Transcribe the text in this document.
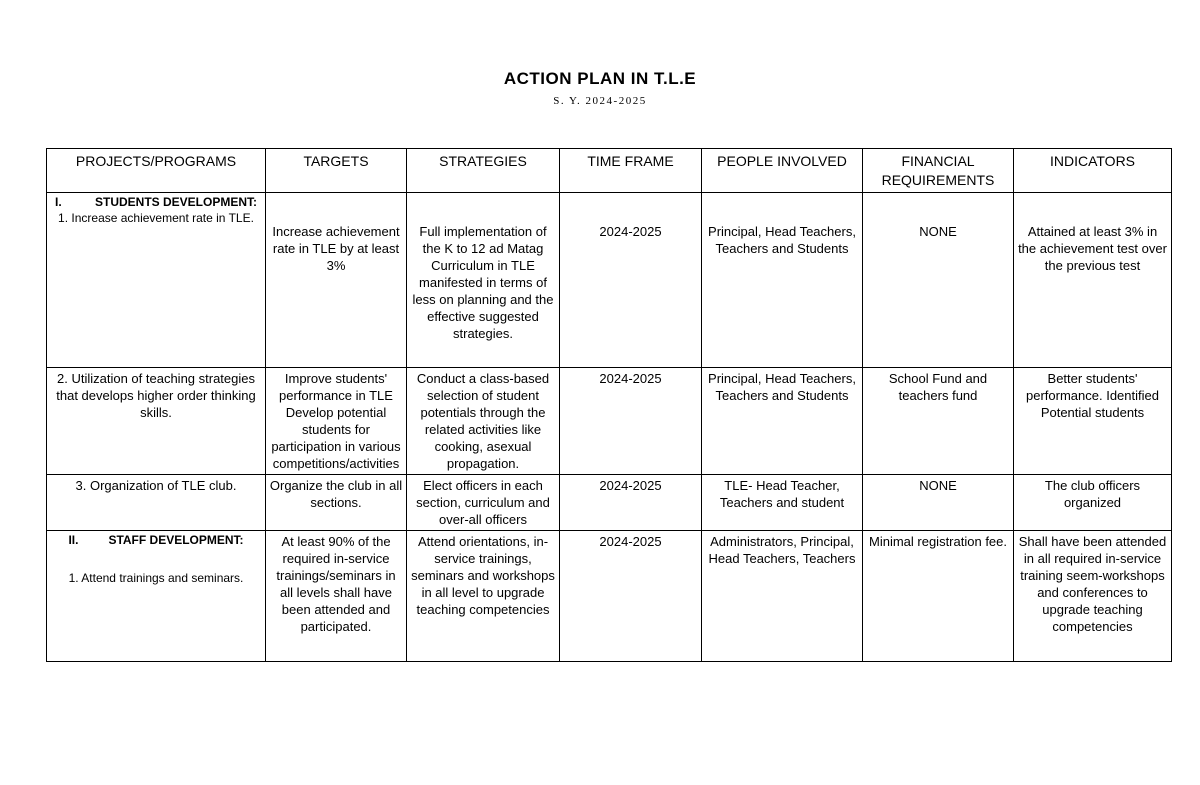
ACTION PLAN IN T.L.E
S. Y. 2024-2025
PROJECTS/PROGRAMS	TARGETS	STRATEGIES	TIME FRAME	PEOPLE INVOLVED	FINANCIAL REQUIREMENTS	INDICATORS

I. STUDENTS DEVELOPMENT:
1. Increase achievement rate in TLE.	Increase achievement rate in TLE by at least 3%	Full implementation of the K to 12 ad Matag Curriculum in TLE manifested in terms of less on planning and the effective suggested strategies.	2024-2025	Principal, Head Teachers, Teachers and Students	NONE	Attained at least 3% in the achievement test over the previous test
2. Utilization of teaching strategies that develops higher order thinking skills.	Improve students' performance in TLE Develop potential students for participation in various competitions/activities	Conduct a class-based selection of student potentials through the related activities like cooking, asexual propagation.	2024-2025	Principal, Head Teachers, Teachers and Students	School Fund and teachers fund	Better students' performance. Identified Potential students
3. Organization of TLE club.	Organize the club in all sections.	Elect officers in each section, curriculum and over-all officers	2024-2025	TLE- Head Teacher, Teachers and student	NONE	The club officers organized

II. STAFF DEVELOPMENT:
1. Attend trainings and seminars.	At least 90% of the required in-service trainings/seminars in all levels shall have been attended and participated.	Attend orientations, in-service trainings, seminars and workshops in all level to upgrade teaching competencies	2024-2025	Administrators, Principal, Head Teachers, Teachers	Minimal registration fee.	Shall have been attended in all required in-service training seem-workshops and conferences to upgrade teaching competencies
